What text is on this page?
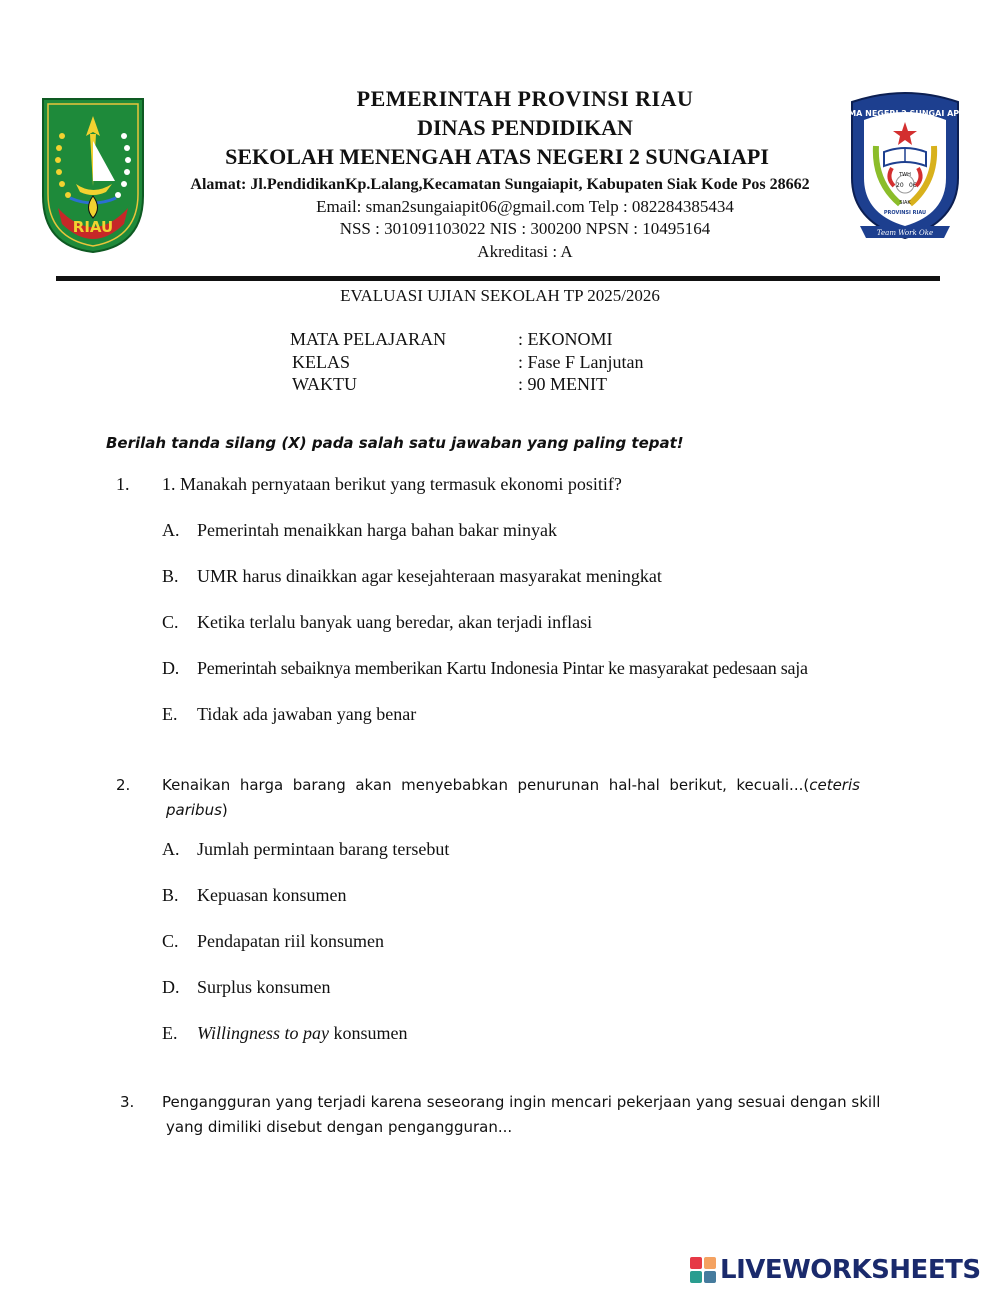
RIAU
SMA NEGERI 2 SUNGAI APIT
20 06
TWH
SIAK
PROVINSI RIAU
Team Work Oke
PEMERINTAH PROVINSI RIAU
DINAS PENDIDIKAN
SEKOLAH MENENGAH ATAS NEGERI 2 SUNGAIAPI
Alamat: Jl.PendidikanKp.Lalang,Kecamatan Sungaiapit, Kabupaten Siak Kode Pos 28662
Email: sman2sungaiapit06@gmail.com Telp : 082284385434
NSS : 301091103022 NIS : 300200 NPSN : 10495164
Akreditasi : A
EVALUASI UJIAN SEKOLAH TP 2025/2026
MATA PELAJARAN	: EKONOMI
KELAS	: Fase F Lanjutan
WAKTU	: 90 MENIT
Berilah tanda silang (X) pada salah satu jawaban yang paling tepat!
1. 1. Manakah pernyataan berikut yang termasuk ekonomi positif?
A. Pemerintah menaikkan harga bahan bakar minyak
B. UMR harus dinaikkan agar kesejahteraan masyarakat meningkat
C. Ketika terlalu banyak uang beredar, akan terjadi inflasi
D. Pemerintah sebaiknya memberikan Kartu Indonesia Pintar ke masyarakat pedesaan saja
E. Tidak ada jawaban yang benar
2. Kenaikan  harga  barang  akan  menyebabkan  penurunan  hal-hal  berikut,  kecuali...(ceteris
paribus)
A. Jumlah permintaan barang tersebut
B. Kepuasan konsumen
C. Pendapatan riil konsumen
D. Surplus konsumen
E. Willingness to pay konsumen
3. Pengangguran yang terjadi karena seseorang ingin mencari pekerjaan yang sesuai dengan skill
yang dimiliki disebut dengan pengangguran...
LIVEWORKSHEETS
